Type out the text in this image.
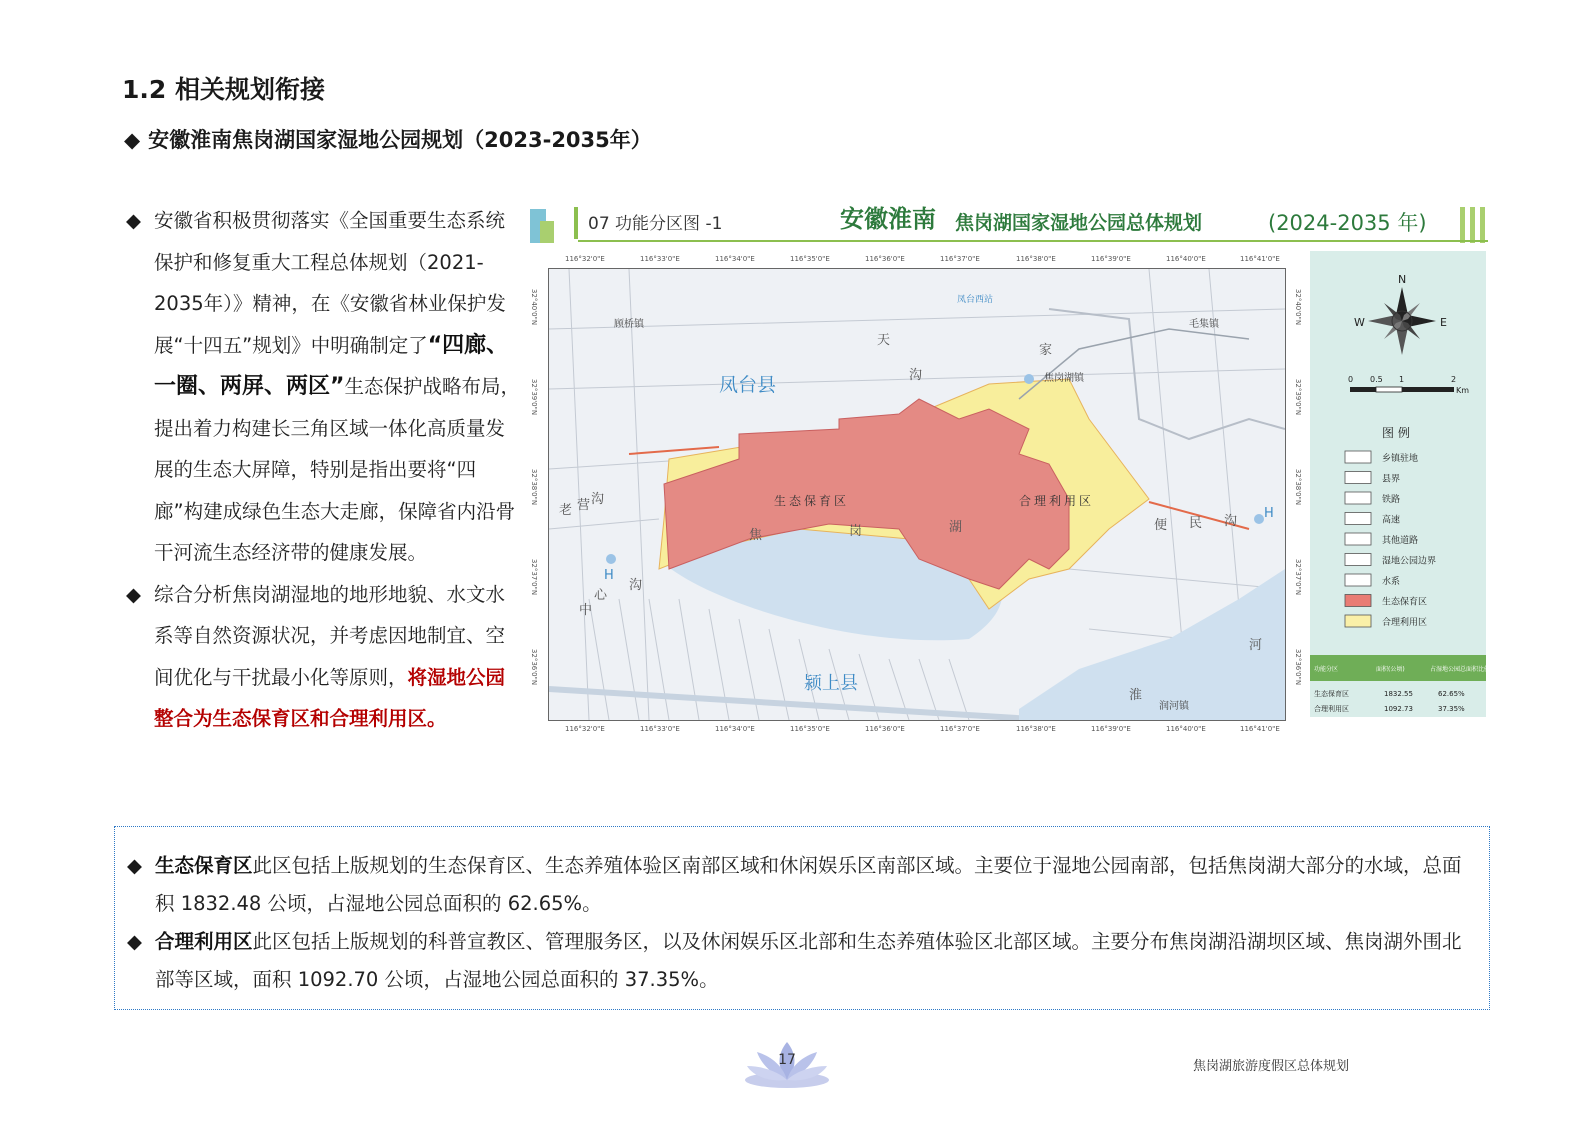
1.2 相关规划衔接
◆ 安徽淮南焦岗湖国家湿地公园规划（2023-2035年）
◆ 安徽省积极贯彻落实《全国重要生态系统保护和修复重大工程总体规划（2021-2035年）》精神，在《安徽省林业保护发展“十四五”规划》中明确制定了“四廊、一圈、两屏、两区”生态保护战略布局，提出着力构建长三角区域一体化高质量发展的生态大屏障，特别是指出要将“四廊”构建成绿色生态大走廊，保障省内沿骨干河流生态经济带的健康发展。
◆ 综合分析焦岗湖湿地的地形地貌、水文水系等自然资源状况，并考虑因地制宜、空间优化与干扰最小化等原则，将湿地公园整合为生态保育区和合理利用区。
07 功能分区图 -1	安徽淮南 焦岗湖国家湿地公园总体规划	(2024-2035 年)
顾桥镇	毛集镇
焦岗湖镇
润河镇
凤台西站
凤台县
颍上县
生态保育区	合理利用区
焦	岗	湖
天
家
沟
老 营 沟
便 民 沟
心
沟
中
河
淮
H
H
N
W	E
0 0.5 1	2
Km
图 例
乡镇驻地
县界
铁路
高速
其他道路
湿地公园边界
水系
生态保育区
合理利用区
功能分区	面积(公顷)	占湿地公园总面积比例
生态保育区	1832.55	62.65%
合理利用区	1092.73	37.35%
116°32'0"E	116°33'0"E	116°34'0"E	116°35'0"E	116°36'0"E	116°37'0"E	116°38'0"E	116°39'0"E	116°40'0"E	116°41'0"E
116°32'0"E	116°33'0"E	116°34'0"E	116°35'0"E	116°36'0"E	116°37'0"E	116°38'0"E	116°39'0"E	116°40'0"E	116°41'0"E
32°40'0"N
32°39'0"N
32°38'0"N
32°37'0"N
32°36'0"N
32°40'0"N
32°39'0"N
32°38'0"N
32°37'0"N
32°36'0"N
◆ 生态保育区此区包括上版规划的生态保育区、生态养殖体验区南部区域和休闲娱乐区南部区域。主要位于湿地公园南部，包括焦岗湖大部分的水域，总面积 1832.48 公顷，占湿地公园总面积的 62.65%。
◆ 合理利用区此区包括上版规划的科普宣教区、管理服务区，以及休闲娱乐区北部和生态养殖体验区北部区域。主要分布焦岗湖沿湖坝区域、焦岗湖外围北部等区域，面积 1092.70 公顷，占湿地公园总面积的 37.35%。
17	焦岗湖旅游度假区总体规划
